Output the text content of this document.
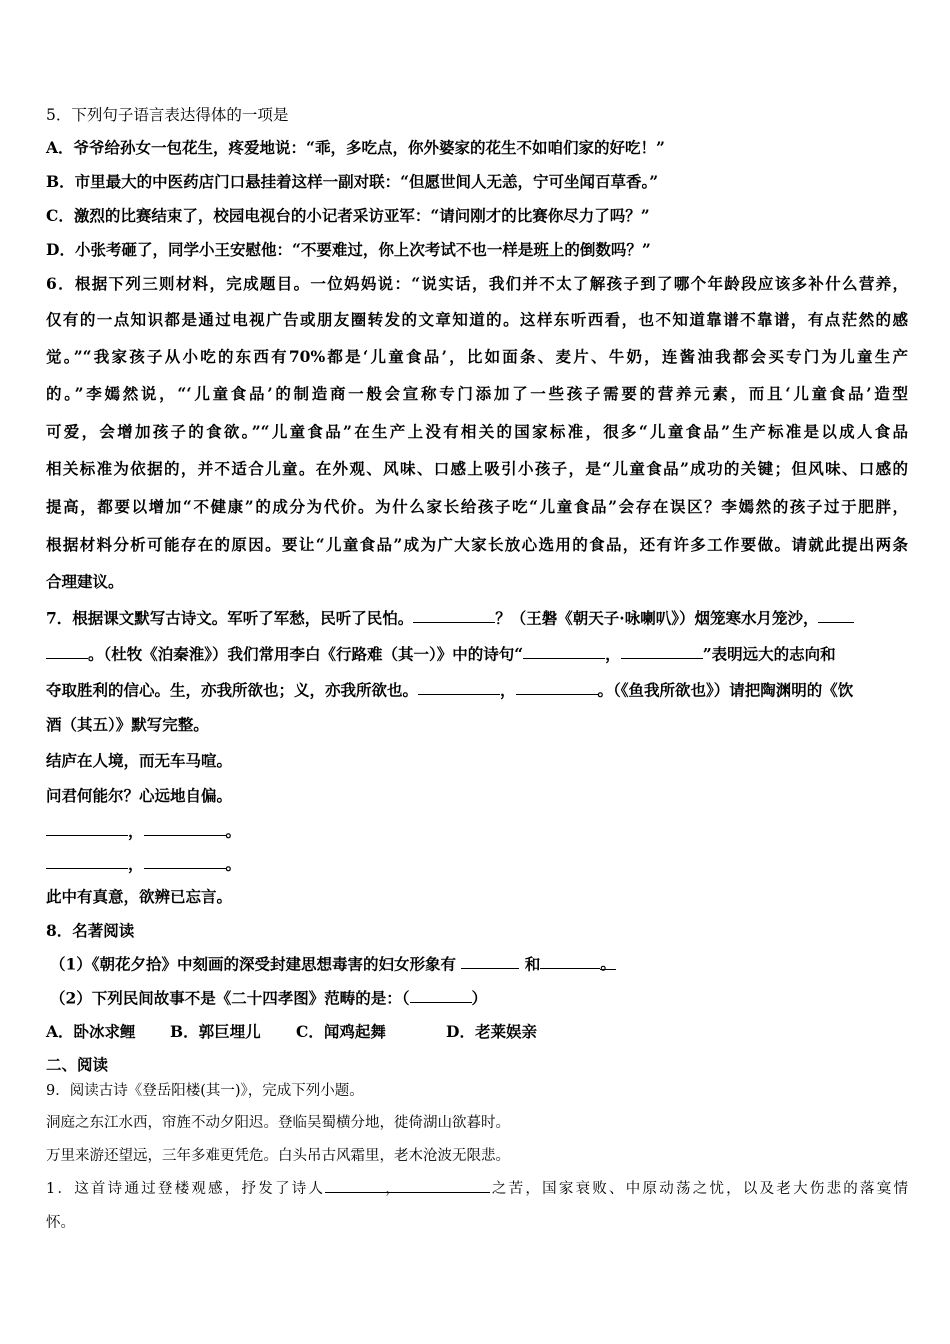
5．下列句子语言表达得体的一项是
A．爷爷给孙女一包花生，疼爱地说：“乖，多吃点，你外婆家的花生不如咱们家的好吃！”
B．市里最大的中医药店门口悬挂着这样一副对联：“但愿世间人无恙，宁可坐闻百草香。”
C．激烈的比赛结束了，校园电视台的小记者采访亚军：“请问刚才的比赛你尽力了吗？”
D．小张考砸了，同学小王安慰他：“不要难过，你上次考试不也一样是班上的倒数吗？”
6．根据下列三则材料，完成题目。一位妈妈说：“说实话，我们并不太了解孩子到了哪个年龄段应该多补什么营养，
仅有的一点知识都是通过电视广告或朋友圈转发的文章知道的。这样东听西看，也不知道靠谱不靠谱，有点茫然的感
觉。”“我家孩子从小吃的东西有70%都是‘儿童食品’，比如面条、麦片、牛奶，连酱油我都会买专门为儿童生产
的。”李嫣然说，“‘儿童食品’的制造商一般会宣称专门添加了一些孩子需要的营养元素，而且‘儿童食品’造型
可爱，会增加孩子的食欲。”“儿童食品”在生产上没有相关的国家标准，很多“儿童食品”生产标准是以成人食品
相关标准为依据的，并不适合儿童。在外观、风味、口感上吸引小孩子，是“儿童食品”成功的关键；但风味、口感的
提高，都要以增加“不健康”的成分为代价。为什么家长给孩子吃“儿童食品”会存在误区？李嫣然的孩子过于肥胖，
根据材料分析可能存在的原因。要让“儿童食品”成为广大家长放心选用的食品，还有许多工作要做。请就此提出两条
合理建议。
7．根据课文默写古诗文。军听了军愁，民听了民怕。	？（王磐《朝天子·咏喇叭》）烟笼寒水月笼沙，
。（杜牧《泊秦淮》）我们常用李白《行路难（其一）》中的诗句“	，	”表明远大的志向和
夺取胜利的信心。生，亦我所欲也；义，亦我所欲也。	，	。（《鱼我所欲也》）请把陶渊明的《饮
酒（其五）》默写完整。
结庐在人境，而无车马喧。
问君何能尔？心远地自偏。
，	。
，	。
此中有真意，欲辨已忘言。
8．名著阅读
（1）《朝花夕拾》中刻画的深受封建思想毒害的妇女形象有	和	。
（2）下列民间故事不是《二十四孝图》范畴的是：（	）
A．卧冰求鲤 B．郭巨埋儿 C．闻鸡起舞	D．老莱娱亲
二、阅读
9．阅读古诗《登岳阳楼(其一)》，完成下列小题。
洞庭之东江水西，帘旌不动夕阳迟。登临吴蜀横分地，徙倚湖山欲暮时。
万里来游还望远，三年多难更凭危。白头吊古风霜里，老木沧波无限悲。
1．这首诗通过登楼观感，抒发了诗人	，	之苦，国家衰败、中原动荡之忧，以及老大伤悲的落寞情
怀。
